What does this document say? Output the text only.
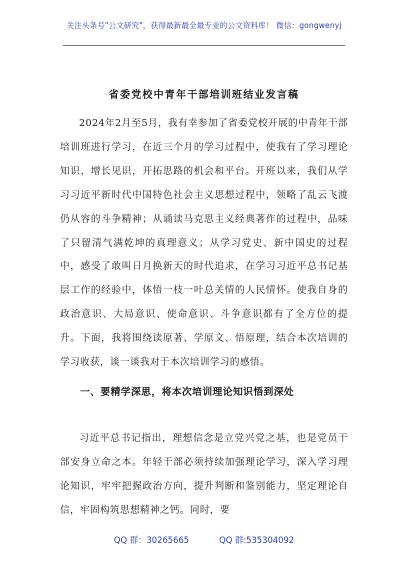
关注头条号"公文研究"，获得最新最全最专业的公文资料库！ 微信：gongwenyj
省委党校中青年干部培训班结业发言稿

2024年2月至5月，我有幸参加了省委党校开展的中青年干部培训班进行学习，在近三个月的学习过程中，使我有了学习理论知识，增长见识，开拓思路的机会和平台。开班以来，我们从学习习近平新时代中国特色社会主义思想过程中，领略了乱云飞渡仍从容的斗争精神；从诵读马克思主义经典著作的过程中，品味了只留清气满乾坤的真理意义；从学习党史、新中国史的过程中，感受了敢叫日月换新天的时代追求，在学习习近平总书记基层工作的经验中，体悟一枝一叶总关情的人民情怀。使我自身的政治意识、大局意识、使命意识、斗争意识都有了全方位的提升。下面，我将围绕读原著、学原文、悟原理，结合本次培训的学习收获，谈一谈我对于本次培训学习的感悟。

一、要精学深思，将本次培训理论知识悟到深处

习近平总书记指出，理想信念是立党兴党之基，也是党员干部安身立命之本。年轻干部必须持续加强理论学习，深入学习理论知识，牢牢把握政治方向，提升判断和鉴别能力，坚定理论自信，牢固构筑思想精神之钙。同时，要

QQ 群：30265665	QQ 群:535304092
